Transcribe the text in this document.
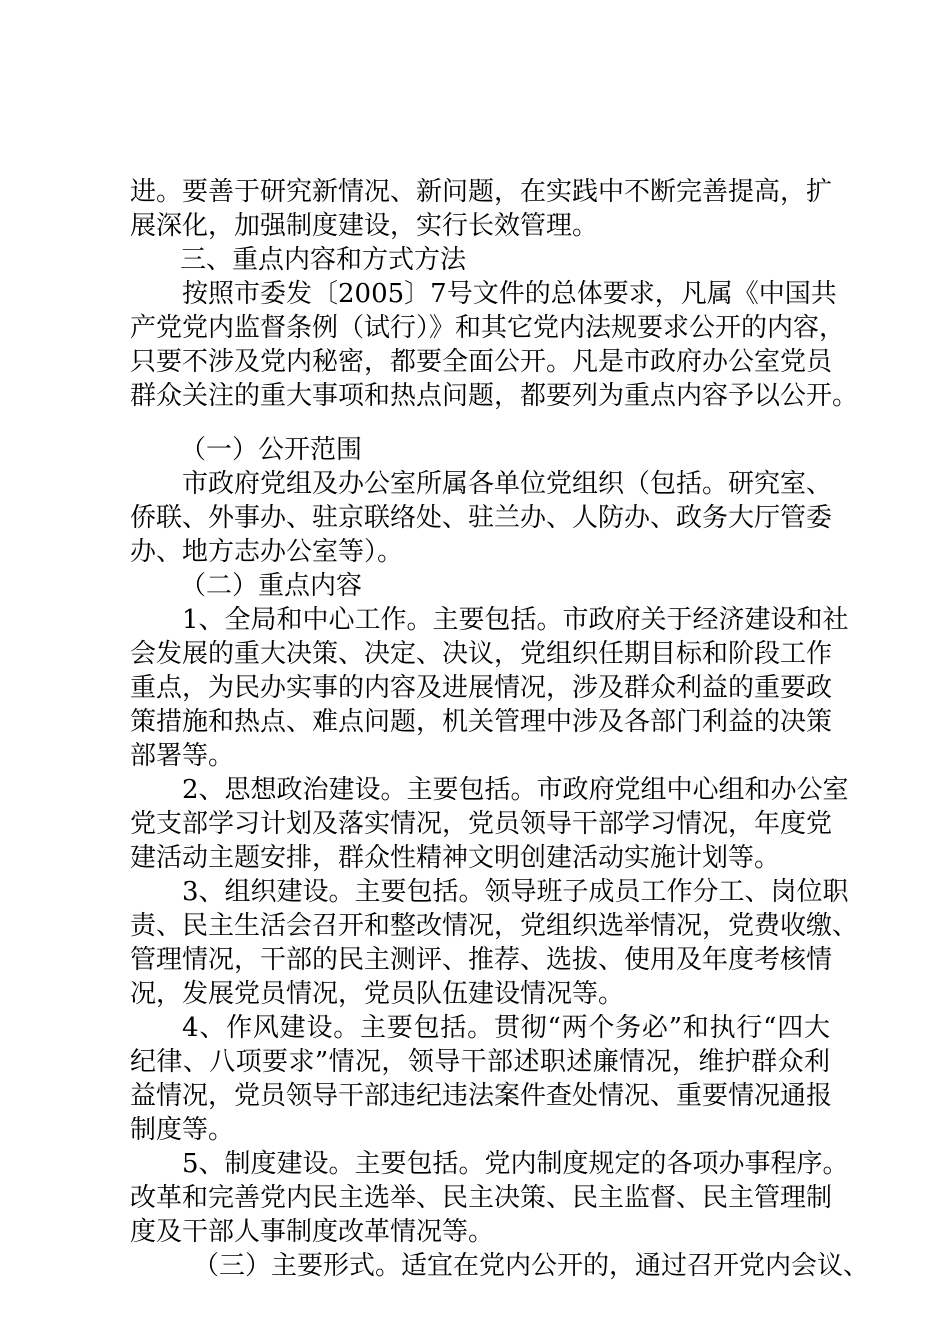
进。要善于研究新情况、新问题，在实践中不断完善提高，扩
展深化，加强制度建设，实行长效管理。
三、重点内容和方式方法
按照市委发〔2005〕7号文件的总体要求，凡属《中国共
产党党内监督条例（试行）》和其它党内法规要求公开的内容，
只要不涉及党内秘密，都要全面公开。凡是市政府办公室党员
群众关注的重大事项和热点问题，都要列为重点内容予以公开。
（一）公开范围
市政府党组及办公室所属各单位党组织（包括。研究室、
侨联、外事办、驻京联络处、驻兰办、人防办、政务大厅管委
办、地方志办公室等）。
（二）重点内容
1、全局和中心工作。主要包括。市政府关于经济建设和社
会发展的重大决策、决定、决议，党组织任期目标和阶段工作
重点，为民办实事的内容及进展情况，涉及群众利益的重要政
策措施和热点、难点问题，机关管理中涉及各部门利益的决策
部署等。
2、思想政治建设。主要包括。市政府党组中心组和办公室
党支部学习计划及落实情况，党员领导干部学习情况，年度党
建活动主题安排，群众性精神文明创建活动实施计划等。
3、组织建设。主要包括。领导班子成员工作分工、岗位职
责、民主生活会召开和整改情况，党组织选举情况，党费收缴、
管理情况，干部的民主测评、推荐、选拔、使用及年度考核情
况，发展党员情况，党员队伍建设情况等。
4、作风建设。主要包括。贯彻“两个务必”和执行“四大
纪律、八项要求”情况，领导干部述职述廉情况，维护群众利
益情况，党员领导干部违纪违法案件查处情况、重要情况通报
制度等。
5、制度建设。主要包括。党内制度规定的各项办事程序。
改革和完善党内民主选举、民主决策、民主监督、民主管理制
度及干部人事制度改革情况等。
（三）主要形式。适宜在党内公开的，通过召开党内会议、
